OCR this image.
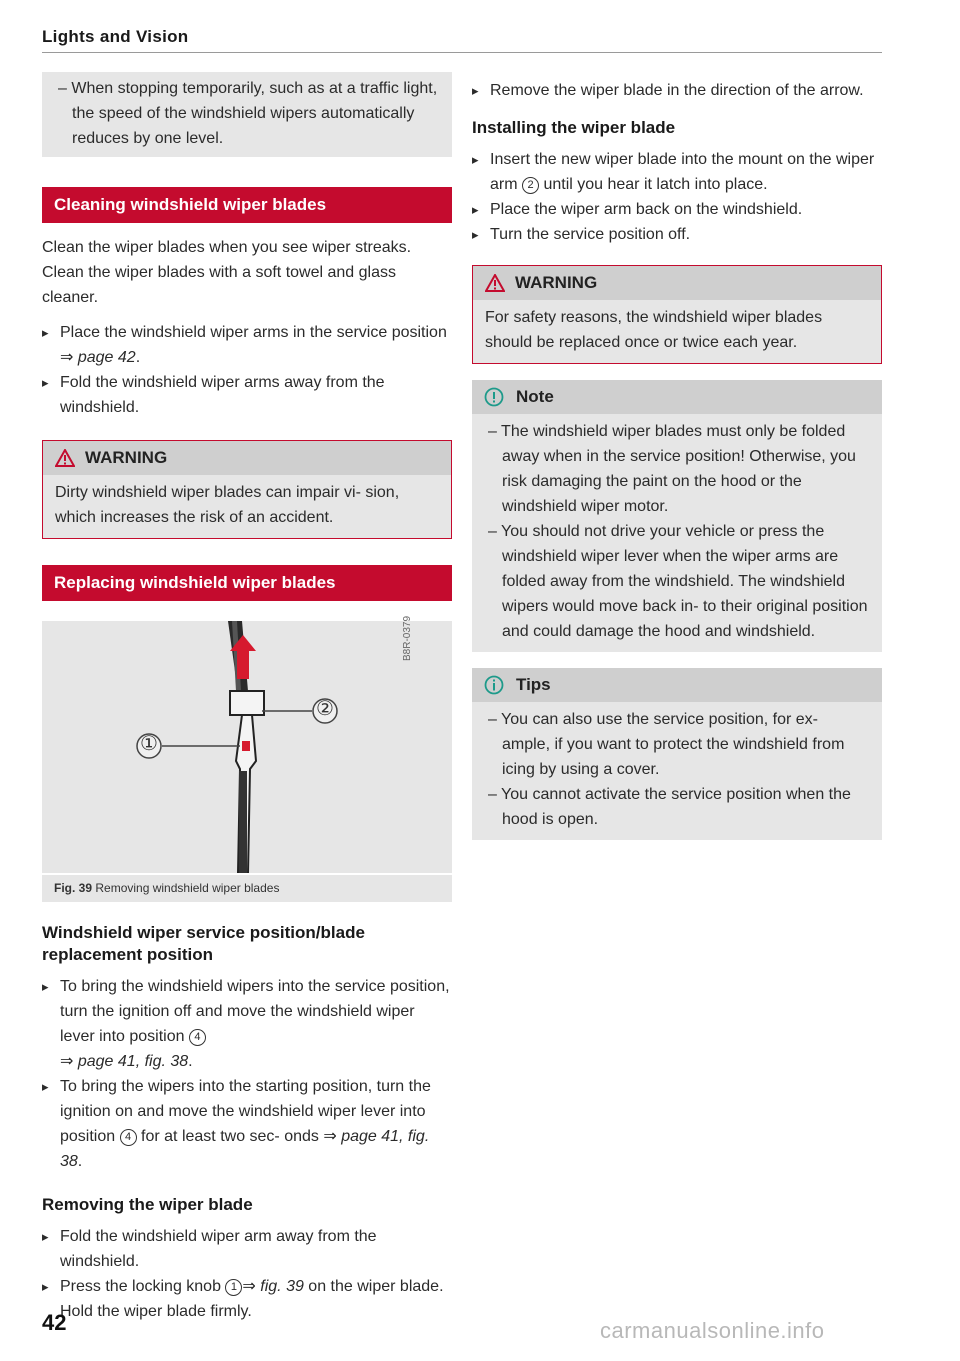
Lights and Vision
– When stopping temporarily, such as at a traffic light, the speed of the windshield wipers automatically reduces by one level.
Cleaning windshield wiper blades

Clean the wiper blades when you see wiper streaks. Clean the wiper blades with a soft towel and glass cleaner.

▸ Place the windshield wiper arms in the service position ⇒ page 42.
▸ Fold the windshield wiper arms away from the windshield.
WARNING

Dirty windshield wiper blades can impair vi- sion, which increases the risk of an accident.

Replacing windshield wiper blades
①
②
B8R-0379
Fig. 39 Removing windshield wiper blades
Windshield wiper service position/blade replacement position
▸ To bring the windshield wipers into the service position, turn the ignition off and move the windshield wiper lever into position 4
⇒ page 41, fig. 38.
▸ To bring the wipers into the starting position, turn the ignition on and move the windshield wiper lever into position 4 for at least two sec- onds ⇒ page 41, fig. 38.
Removing the wiper blade
▸ Fold the windshield wiper arm away from the windshield.
▸ Press the locking knob 1 ⇒ fig. 39 on the wiper blade. Hold the wiper blade firmly.
▸ Remove the wiper blade in the direction of the arrow.
Installing the wiper blade
▸ Insert the new wiper blade into the mount on the wiper arm 2 until you hear it latch into place.
▸ Place the wiper arm back on the windshield.
▸ Turn the service position off.
WARNING

For safety reasons, the windshield wiper blades should be replaced once or twice each year.

Note
– The windshield wiper blades must only be folded away when in the service position! Otherwise, you risk damaging the paint on the hood or the windshield wiper motor.
– You should not drive your vehicle or press the windshield wiper lever when the wiper arms are folded away from the windshield. The windshield wipers would move back in- to their original position and could damage the hood and windshield.
Tips
– You can also use the service position, for ex- ample, if you want to protect the windshield from icing by using a cover.
– You cannot activate the service position when the hood is open.
42	carmanualsonline.info
